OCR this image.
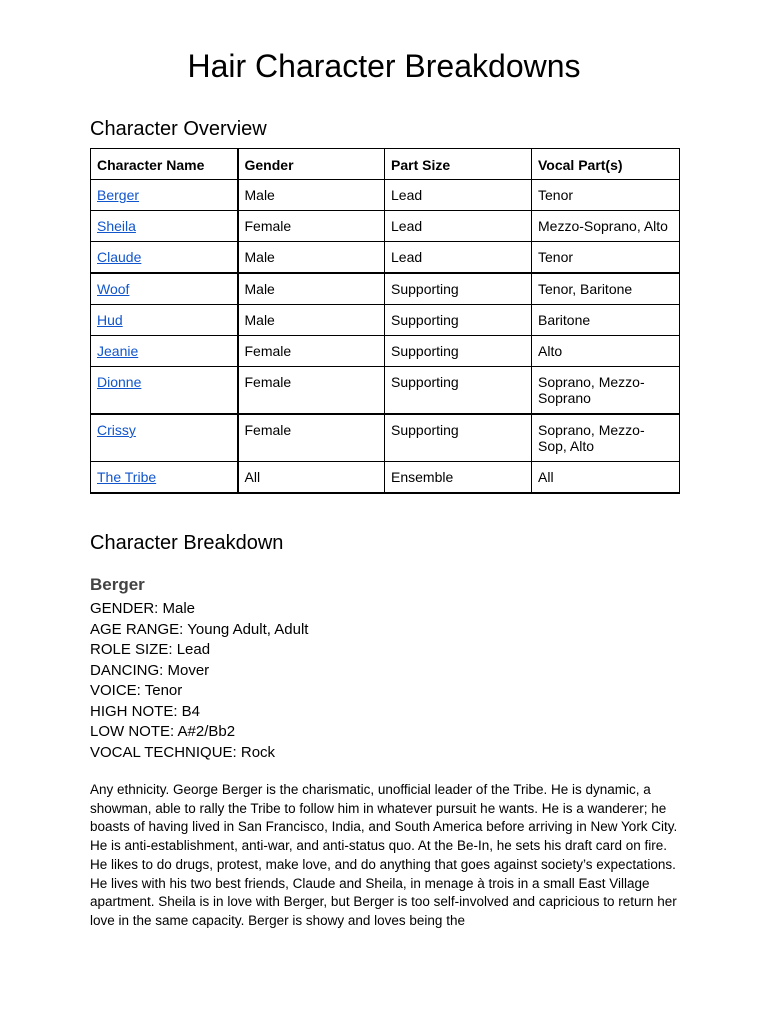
Hair Character Breakdowns
Character Overview
Character Name	Gender	Part Size	Vocal Part(s)
Berger	Male	Lead	Tenor
Sheila	Female	Lead	Mezzo-Soprano, Alto
Claude	Male	Lead	Tenor
Woof	Male	Supporting	Tenor, Baritone
Hud	Male	Supporting	Baritone
Jeanie	Female	Supporting	Alto
Dionne	Female	Supporting	Soprano, Mezzo-Soprano
Crissy	Female	Supporting	Soprano, Mezzo-Sop, Alto
The Tribe	All	Ensemble	All
Character Breakdown
Berger
GENDER: Male
AGE RANGE: Young Adult, Adult
ROLE SIZE: Lead
DANCING: Mover
VOICE: Tenor
HIGH NOTE: B4
LOW NOTE: A#2/Bb2
VOCAL TECHNIQUE: Rock

Any ethnicity. George Berger is the charismatic, unofficial leader of the Tribe. He is dynamic, a showman, able to rally the Tribe to follow him in whatever pursuit he wants. He is a wanderer; he boasts of having lived in San Francisco, India, and South America before arriving in New York City. He is anti-establishment, anti-war, and anti-status quo. At the Be-In, he sets his draft card on fire. He likes to do drugs, protest, make love, and do anything that goes against society’s expectations. He lives with his two best friends, Claude and Sheila, in menage à trois in a small East Village apartment. Sheila is in love with Berger, but Berger is too self-involved and capricious to return her love in the same capacity. Berger is showy and loves being the
